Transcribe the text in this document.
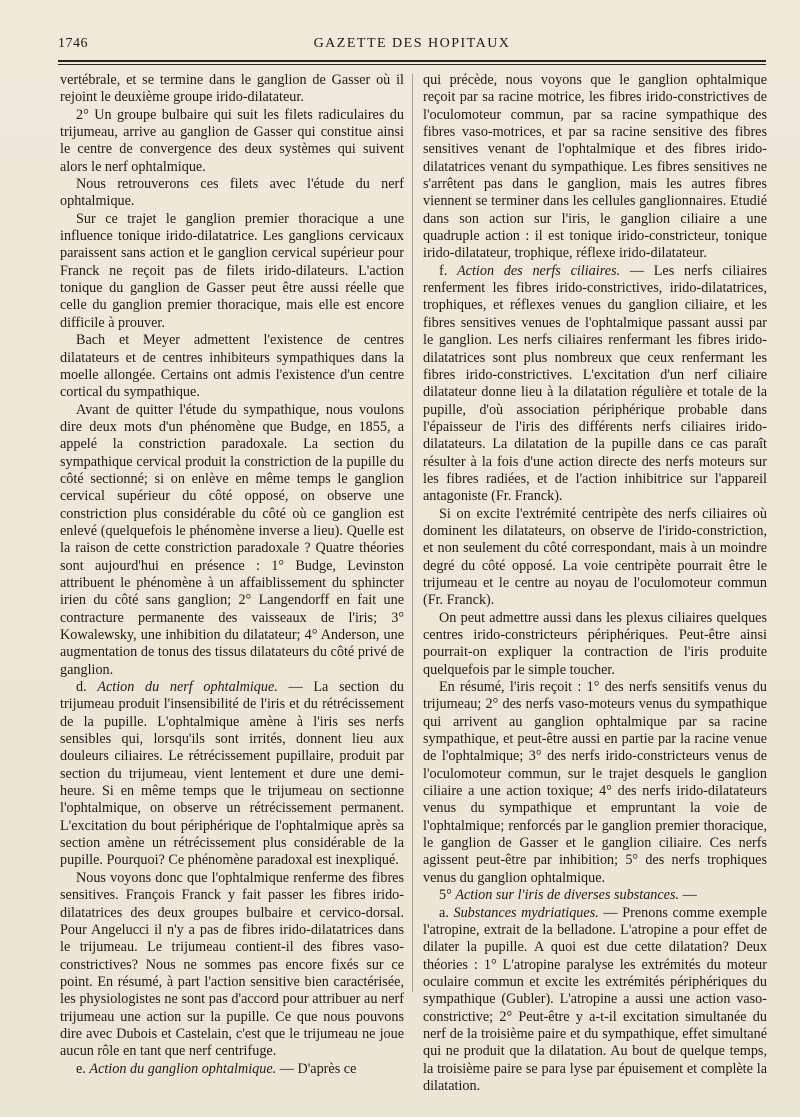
1746	GAZETTE DES HOPITAUX

vertébrale, et se termine dans le ganglion de Gasser où il rejoint le deuxième groupe irido-dilatateur.

2° Un groupe bulbaire qui suit les filets radiculaires du trijumeau, arrive au ganglion de Gasser qui constitue ainsi le centre de convergence des deux systèmes qui suivent alors le nerf ophtalmique.

Nous retrouverons ces filets avec l'étude du nerf ophtalmique.

Sur ce trajet le ganglion premier thoracique a une influence tonique irido-dilatatrice. Les ganglions cervicaux paraissent sans action et le ganglion cervical supérieur pour Franck ne reçoit pas de filets irido-dilateurs. L'action tonique du ganglion de Gasser peut être aussi réelle que celle du ganglion premier thoracique, mais elle est encore difficile à prouver.

Bach et Meyer admettent l'existence de centres dilatateurs et de centres inhibiteurs sympathiques dans la moelle allongée. Certains ont admis l'existence d'un centre cortical du sympathique.

Avant de quitter l'étude du sympathique, nous voulons dire deux mots d'un phénomène que Budge, en 1855, a appelé la constriction paradoxale. La section du sympathique cervical produit la constriction de la pupille du côté sectionné; si on enlève en même temps le ganglion cervical supérieur du côté opposé, on observe une constriction plus considérable du côté où ce ganglion est enlevé (quelquefois le phénomène inverse a lieu). Quelle est la raison de cette constriction paradoxale ? Quatre théories sont aujourd'hui en présence : 1° Budge, Levinston attribuent le phénomène à un affaiblissement du sphincter irien du côté sans ganglion; 2° Langendorff en fait une contracture permanente des vaisseaux de l'iris; 3° Kowalewsky, une inhibition du dilatateur; 4° Anderson, une augmentation de tonus des tissus dilatateurs du côté privé de ganglion.

d. Action du nerf ophtalmique. — La section du trijumeau produit l'insensibilité de l'iris et du rétrécissement de la pupille. L'ophtalmique amène à l'iris ses nerfs sensibles qui, lorsqu'ils sont irrités, donnent lieu aux douleurs ciliaires. Le rétrécissement pupillaire, produit par section du trijumeau, vient lentement et dure une demi-heure. Si en même temps que le trijumeau on sectionne l'ophtalmique, on observe un rétrécissement permanent. L'excitation du bout périphérique de l'ophtalmique après sa section amène un rétrécissement plus considérable de la pupille. Pourquoi? Ce phénomène paradoxal est inexpliqué.

Nous voyons donc que l'ophtalmique renferme des fibres sensitives. François Franck y fait passer les fibres irido-dilatatrices des deux groupes bulbaire et cervico-dorsal. Pour Angelucci il n'y a pas de fibres irido-dilatatrices dans le trijumeau. Le trijumeau contient-il des fibres vaso-constrictives? Nous ne sommes pas encore fixés sur ce point. En résumé, à part l'action sensitive bien caractérisée, les physiologistes ne sont pas d'accord pour attribuer au nerf trijumeau une action sur la pupille. Ce que nous pouvons dire avec Dubois et Castelain, c'est que le trijumeau ne joue aucun rôle en tant que nerf centrifuge.

e. Action du ganglion ophtalmique. — D'après ce

qui précède, nous voyons que le ganglion ophtalmique reçoit par sa racine motrice, les fibres irido-constrictives de l'oculomoteur commun, par sa racine sympathique des fibres vaso-motrices, et par sa racine sensitive des fibres sensitives venant de l'ophtalmique et des fibres irido-dilatatrices venant du sympathique. Les fibres sensitives ne s'arrêtent pas dans le ganglion, mais les autres fibres viennent se terminer dans les cellules ganglionnaires. Etudié dans son action sur l'iris, le ganglion ciliaire a une quadruple action : il est tonique irido-constricteur, tonique irido-dilatateur, trophique, réflexe irido-dilatateur.

f. Action des nerfs ciliaires. — Les nerfs ciliaires renferment les fibres irido-constrictives, irido-dilatatrices, trophiques, et réflexes venues du ganglion ciliaire, et les fibres sensitives venues de l'ophtalmique passant aussi par le ganglion. Les nerfs ciliaires renfermant les fibres irido-dilatatrices sont plus nombreux que ceux renfermant les fibres irido-constrictives. L'excitation d'un nerf ciliaire dilatateur donne lieu à la dilatation régulière et totale de la pupille, d'où association périphérique probable dans l'épaisseur de l'iris des différents nerfs ciliaires irido-dilatateurs. La dilatation de la pupille dans ce cas paraît résulter à la fois d'une action directe des nerfs moteurs sur les fibres radiées, et de l'action inhibitrice sur l'appareil antagoniste (Fr. Franck).

Si on excite l'extrémité centripète des nerfs ciliaires où dominent les dilatateurs, on observe de l'irido-constriction, et non seulement du côté correspondant, mais à un moindre degré du côté opposé. La voie centripète pourrait être le trijumeau et le centre au noyau de l'oculomoteur commun (Fr. Franck).

On peut admettre aussi dans les plexus ciliaires quelques centres irido-constricteurs périphériques. Peut-être ainsi pourrait-on expliquer la contraction de l'iris produite quelquefois par le simple toucher.

En résumé, l'iris reçoit : 1° des nerfs sensitifs venus du trijumeau; 2° des nerfs vaso-moteurs venus du sympathique qui arrivent au ganglion ophtalmique par sa racine sympathique, et peut-être aussi en partie par la racine venue de l'ophtalmique; 3° des nerfs irido-constricteurs venus de l'oculomoteur commun, sur le trajet desquels le ganglion ciliaire a une action toxique; 4° des nerfs irido-dilatateurs venus du sympathique et empruntant la voie de l'ophtalmique; renforcés par le ganglion premier thoracique, le ganglion de Gasser et le ganglion ciliaire. Ces nerfs agissent peut-être par inhibition; 5° des nerfs trophiques venus du ganglion ophtalmique.

5° Action sur l'iris de diverses substances. —

a. Substances mydriatiques. — Prenons comme exemple l'atropine, extrait de la belladone. L'atropine a pour effet de dilater la pupille. A quoi est due cette dilatation? Deux théories : 1° L'atropine paralyse les extrémités du moteur oculaire commun et excite les extrémités périphériques du sympathique (Gubler). L'atropine a aussi une action vaso-constrictive; 2° Peut-être y a-t-il excitation simultanée du nerf de la troisième paire et du sympathique, effet simultané qui ne produit que la dilatation. Au bout de quelque temps, la troisième paire se para lyse par épuisement et complète la dilatation.
